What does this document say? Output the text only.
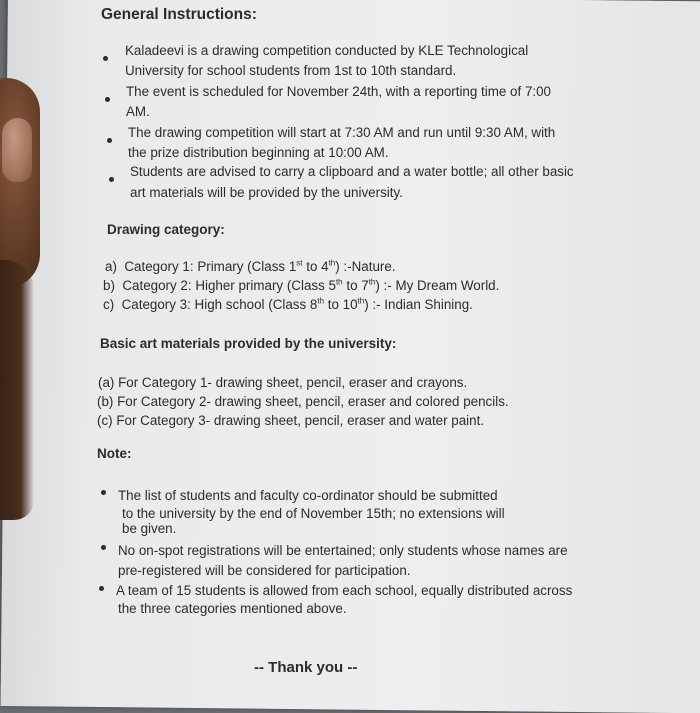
General Instructions:
Kaladeevi is a drawing competition conducted by KLE Technological
University for school students from 1st to 10th standard.
The event is scheduled for November 24th, with a reporting time of 7:00
AM.
The drawing competition will start at 7:30 AM and run until 9:30 AM, with
the prize distribution beginning at 10:00 AM.
Students are advised to carry a clipboard and a water bottle; all other basic
art materials will be provided by the university.
Drawing category:
a) Category 1: Primary (Class 1st to 4th) :-Nature.
b) Category 2: Higher primary (Class 5th to 7th) :- My Dream World.
c) Category 3: High school (Class 8th to 10th) :- Indian Shining.
Basic art materials provided by the university:
(a) For Category 1- drawing sheet, pencil, eraser and crayons.
(b) For Category 2- drawing sheet, pencil, eraser and colored pencils.
(c) For Category 3- drawing sheet, pencil, eraser and water paint.
Note:
The list of students and faculty co-ordinator should be submitted
to the university by the end of November 15th; no extensions will
be given.
No on-spot registrations will be entertained; only students whose names are
pre-registered will be considered for participation.
A team of 15 students is allowed from each school, equally distributed across
the three categories mentioned above.
-- Thank you --
